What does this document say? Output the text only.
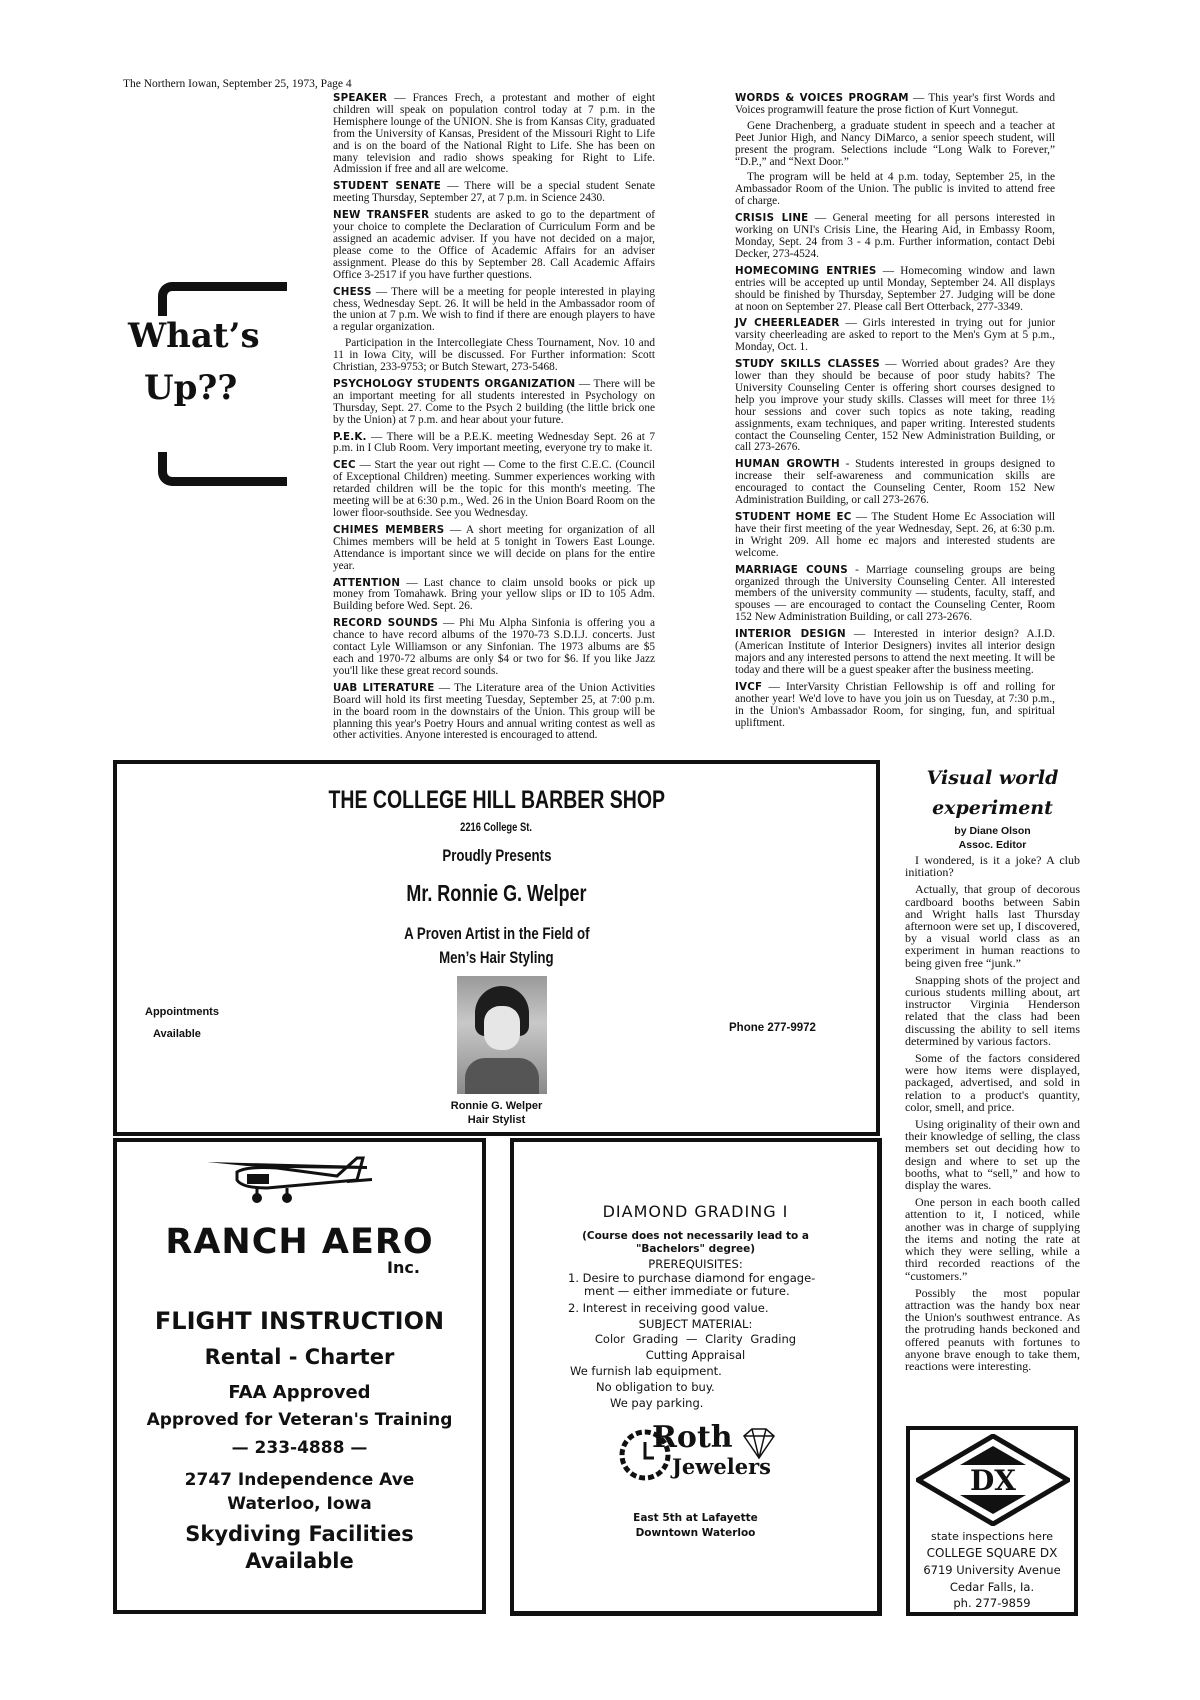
The Northern Iowan, September 25, 1973, Page 4
What’s
Up??

SPEAKER — Frances Frech, a protestant and mother of eight children will speak on population control today at 7 p.m. in the Hemisphere lounge of the UNION. She is from Kansas City, graduated from the University of Kansas, President of the Missouri Right to Life and is on the board of the National Right to Life. She has been on many television and radio shows speaking for Right to Life. Admission if free and all are welcome.

STUDENT SENATE — There will be a special student Senate meeting Thursday, September 27, at 7 p.m. in Science 2430.

NEW TRANSFER students are asked to go to the department of your choice to complete the Declaration of Curriculum Form and be assigned an academic adviser. If you have not decided on a major, please come to the Office of Academic Affairs for an adviser assignment. Please do this by September 28. Call Academic Affairs Office 3-2517 if you have further questions.

CHESS — There will be a meeting for people interested in playing chess, Wednesday Sept. 26. It will be held in the Ambassador room of the union at 7 p.m. We wish to find if there are enough players to have a regular organization.

Participation in the Intercollegiate Chess Tournament, Nov. 10 and 11 in Iowa City, will be discussed. For Further information: Scott Christian, 233-9753; or Butch Stewart, 273-5468.

PSYCHOLOGY STUDENTS ORGANIZATION — There will be an important meeting for all students interested in Psychology on Thursday, Sept. 27. Come to the Psych 2 building (the little brick one by the Union) at 7 p.m. and hear about your future.

P.E.K. — There will be a P.E.K. meeting Wednesday Sept. 26 at 7 p.m. in I Club Room. Very important meeting, everyone try to make it.

CEC — Start the year out right — Come to the first C.E.C. (Council of Exceptional Children) meeting. Summer experiences working with retarded children will be the topic for this month's meeting. The meeting will be at 6:30 p.m., Wed. 26 in the Union Board Room on the lower floor-southside. See you Wednesday.

CHIMES MEMBERS — A short meeting for organization of all Chimes members will be held at 5 tonight in Towers East Lounge. Attendance is important since we will decide on plans for the entire year.

ATTENTION — Last chance to claim unsold books or pick up money from Tomahawk. Bring your yellow slips or ID to 105 Adm. Building before Wed. Sept. 26.

RECORD SOUNDS — Phi Mu Alpha Sinfonia is offering you a chance to have record albums of the 1970-73 S.D.I.J. concerts. Just contact Lyle Williamson or any Sinfonian. The 1973 albums are $5 each and 1970-72 albums are only $4 or two for $6. If you like Jazz you'll like these great record sounds.

UAB LITERATURE — The Literature area of the Union Activities Board will hold its first meeting Tuesday, September 25, at 7:00 p.m. in the board room in the downstairs of the Union. This group will be planning this year's Poetry Hours and annual writing contest as well as other activities. Anyone interested is encouraged to attend.

WORDS & VOICES PROGRAM — This year's first Words and Voices programwill feature the prose fiction of Kurt Vonnegut.

Gene Drachenberg, a graduate student in speech and a teacher at Peet Junior High, and Nancy DiMarco, a senior speech student, will present the program. Selections include “Long Walk to Forever,” “D.P.,” and “Next Door.”

The program will be held at 4 p.m. today, September 25, in the Ambassador Room of the Union. The public is invited to attend free of charge.

CRISIS LINE — General meeting for all persons interested in working on UNI's Crisis Line, the Hearing Aid, in Embassy Room, Monday, Sept. 24 from 3 - 4 p.m. Further information, contact Debi Decker, 273-4524.

HOMECOMING ENTRIES — Homecoming window and lawn entries will be accepted up until Monday, September 24. All displays should be finished by Thursday, September 27. Judging will be done at noon on September 27. Please call Bert Otterback, 277-3349.

JV CHEERLEADER — Girls interested in trying out for junior varsity cheerleading are asked to report to the Men's Gym at 5 p.m., Monday, Oct. 1.

STUDY SKILLS CLASSES — Worried about grades? Are they lower than they should be because of poor study habits? The University Counseling Center is offering short courses designed to help you improve your study skills. Classes will meet for three 1½ hour sessions and cover such topics as note taking, reading assignments, exam techniques, and paper writing. Interested students contact the Counseling Center, 152 New Administration Building, or call 273-2676.

HUMAN GROWTH - Students interested in groups designed to increase their self-awareness and communication skills are encouraged to contact the Counseling Center, Room 152 New Administration Building, or call 273-2676.

STUDENT HOME EC — The Student Home Ec Association will have their first meeting of the year Wednesday, Sept. 26, at 6:30 p.m. in Wright 209. All home ec majors and interested students are welcome.

MARRIAGE COUNS - Marriage counseling groups are being organized through the University Counseling Center. All interested members of the university community — students, faculty, staff, and spouses — are encouraged to contact the Counseling Center, Room 152 New Administration Building, or call 273-2676.

INTERIOR DESIGN — Interested in interior design? A.I.D. (American Institute of Interior Designers) invites all interior design majors and any interested persons to attend the next meeting. It will be today and there will be a guest speaker after the business meeting.

IVCF — InterVarsity Christian Fellowship is off and rolling for another year! We'd love to have you join us on Tuesday, at 7:30 p.m., in the Union's Ambassador Room, for singing, fun, and spiritual upliftment.

THE COLLEGE HILL BARBER SHOP
2216 College St.
Proudly Presents
Mr. Ronnie G. Welper
A Proven Artist in the Field of
Men’s Hair Styling
Appointments
Available	Phone 277-9972
Ronnie G. Welper
Hair Stylist
Visual world
experiment
by Diane Olson
Assoc. Editor

I wondered, is it a joke? A club initiation?

Actually, that group of decorous cardboard booths between Sabin and Wright halls last Thursday afternoon were set up, I discovered, by a visual world class as an experiment in human reactions to being given free “junk.”

Snapping shots of the project and curious students milling about, art instructor Virginia Henderson related that the class had been discussing the ability to sell items determined by various factors.

Some of the factors considered were how items were displayed, packaged, advertised, and sold in relation to a product's quantity, color, smell, and price.

Using originality of their own and their knowledge of selling, the class members set out deciding how to design and where to set up the booths, what to “sell,” and how to display the wares.

One person in each booth called attention to it, I noticed, while another was in charge of supplying the items and noting the rate at which they were selling, while a third recorded reactions of the “customers.”

Possibly the most popular attraction was the handy box near the Union's southwest entrance. As the protruding hands beckoned and offered peanuts with fortunes to anyone brave enough to take them, reactions were interesting.

RANCH AERO
Inc.
FLIGHT INSTRUCTION
Rental - Charter
FAA Approved
Approved for Veteran's Training
— 233-4888 —
2747 Independence Ave
Waterloo, Iowa
Skydiving Facilities
Available
DIAMOND GRADING I
(Course does not necessarily lead to a
"Bachelors" degree)
PREREQUISITES:
1. Desire to purchase diamond for engage-
ment — either immediate or future.
2. Interest in receiving good value.
SUBJECT MATERIAL:
Color Grading — Clarity Grading
Cutting Appraisal
We furnish lab equipment.
No obligation to buy.
We pay parking.
Roth
Jewelers
East 5th at Lafayette
Downtown Waterloo
DX
state inspections here
COLLEGE SQUARE DX
6719 University Avenue
Cedar Falls, Ia.
ph. 277-9859
